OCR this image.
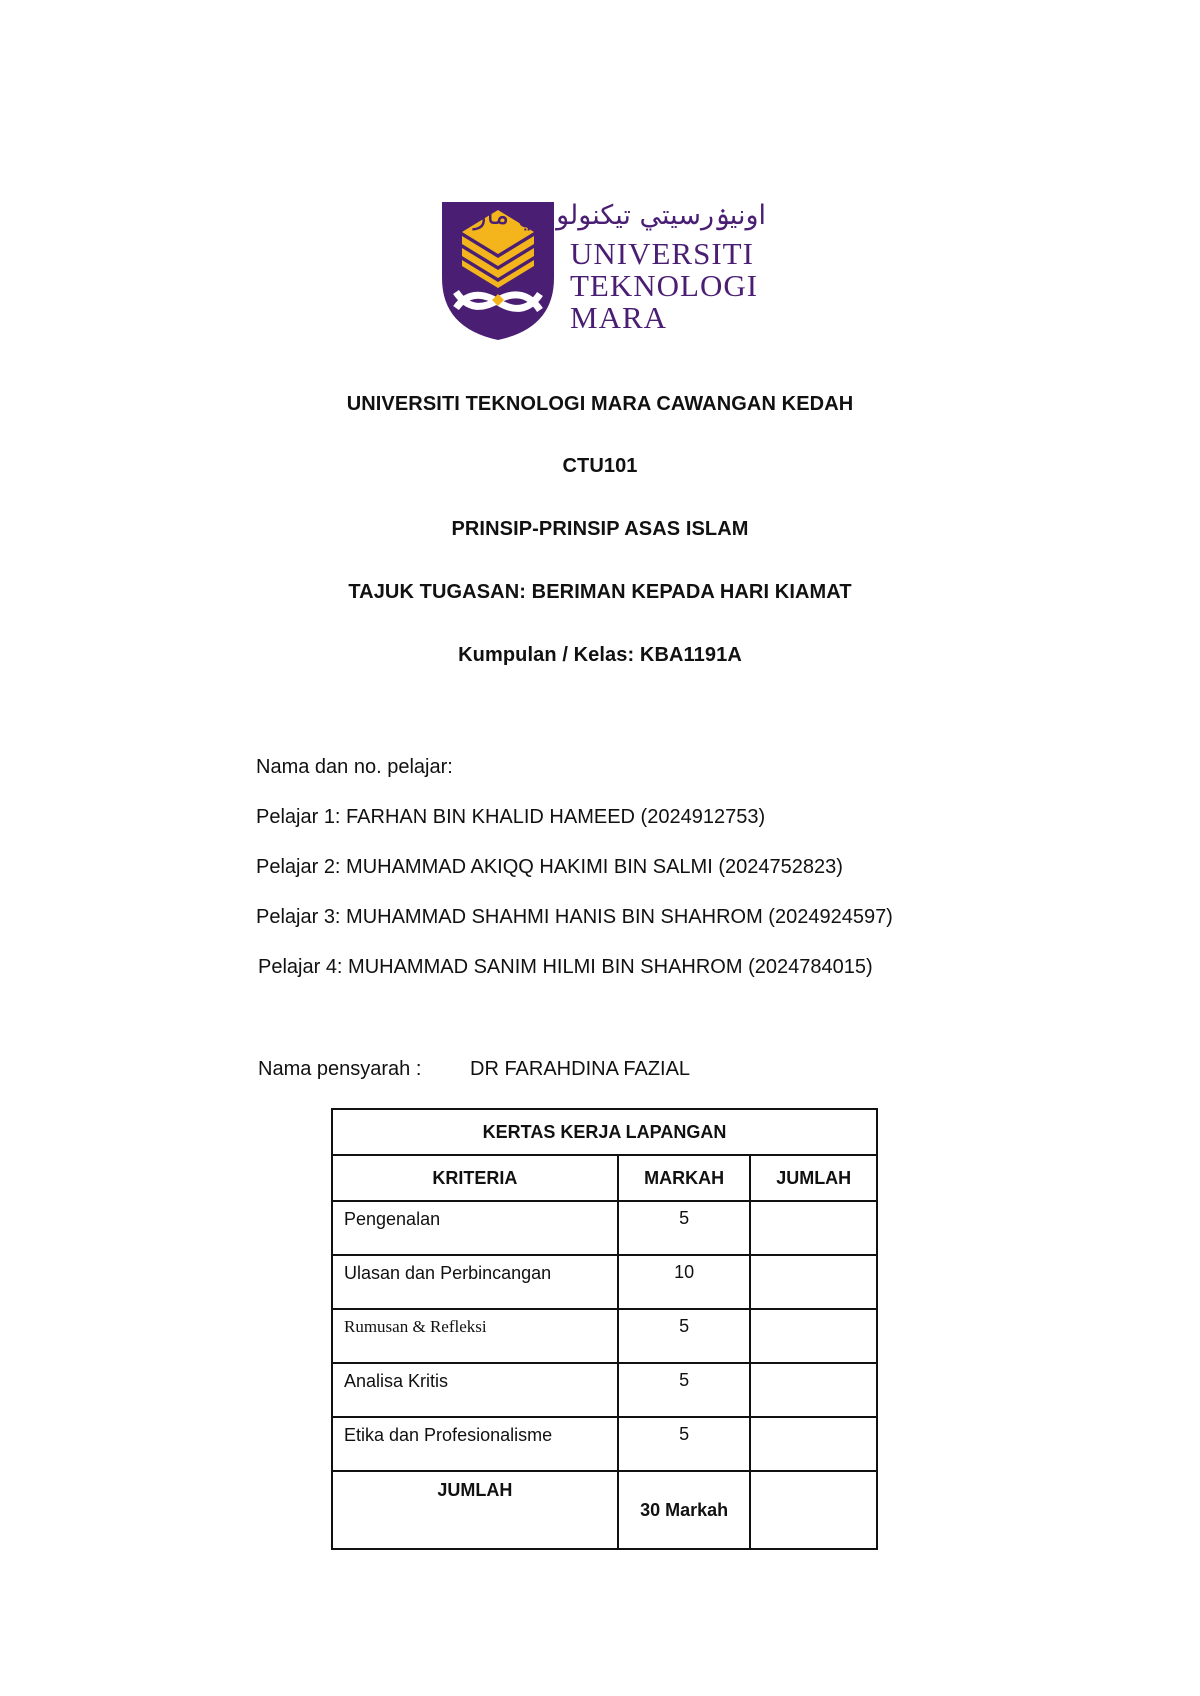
اونيۏرسيتي تيكنولوݢي مارا
UNIVERSITI
TEKNOLOGI
MARA
UNIVERSITI TEKNOLOGI MARA CAWANGAN KEDAH
CTU101
PRINSIP-PRINSIP ASAS ISLAM
TAJUK TUGASAN: BERIMAN KEPADA HARI KIAMAT
Kumpulan / Kelas: KBA1191A
Nama dan no. pelajar:
Pelajar 1: FARHAN BIN KHALID HAMEED (2024912753)
Pelajar 2: MUHAMMAD AKIQQ HAKIMI BIN SALMI (2024752823)
Pelajar 3: MUHAMMAD SHAHMI HANIS BIN SHAHROM (2024924597)
Pelajar 4: MUHAMMAD SANIM HILMI BIN SHAHROM (2024784015)
Nama pensyarah : DR FARAHDINA FAZIAL
KERTAS KERJA LAPANGAN		
KRITERIA	MARKAH	JUMLAH
Pengenalan	5	
Ulasan dan Perbincangan	10	
Rumusan & Refleksi	5	
Analisa Kritis	5	
Etika dan Profesionalisme	5	
JUMLAH	30 Markah	
